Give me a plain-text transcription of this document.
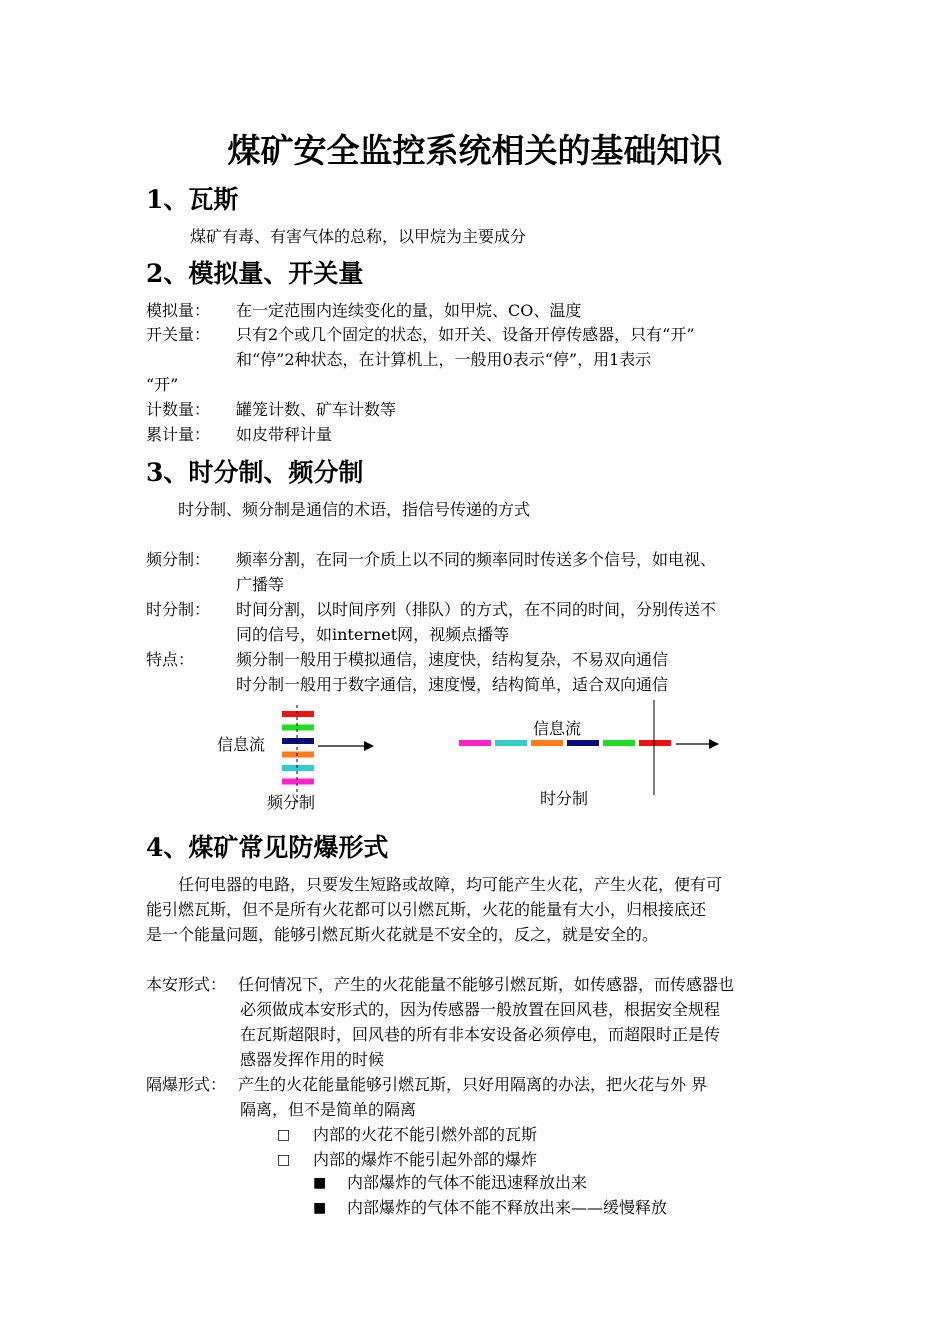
煤矿安全监控系统相关的基础知识
1、瓦斯

煤矿有毒、有害气体的总称，以甲烷为主要成分

2、模拟量、开关量
模拟量： 在一定范围内连续变化的量，如甲烷、CO、温度
开关量： 只有2个或几个固定的状态，如开关、设备开停传感器，只有“开”
和“停”2种状态，在计算机上，一般用0表示“停”，用1表示
“开”
计数量： 罐笼计数、矿车计数等
累计量： 如皮带秤计量
3、时分制、频分制

时分制、频分制是通信的术语，指信号传递的方式

频分制： 频率分割，在同一介质上以不同的频率同时传送多个信号，如电视、
广播等
时分制： 时间分割，以时间序列（排队）的方式，在不同的时间，分别传送不
同的信号，如internet网，视频点播等
特点：	频分制一般用于模拟通信，速度快，结构复杂，不易双向通信
时分制一般用于数字通信，速度慢，结构简单，适合双向通信
信息流
频分制
信息流
时分制
4、煤矿常见防爆形式

任何电器的电路，只要发生短路或故障，均可能产生火花，产生火花，便有可

能引燃瓦斯，但不是所有火花都可以引燃瓦斯，火花的能量有大小，归根接底还

是一个能量问题，能够引燃瓦斯火花就是不安全的，反之，就是安全的。

本安形式： 任何情况下，产生的火花能量不能够引燃瓦斯，如传感器，而传感器也
必须做成本安形式的，因为传感器一般放置在回风巷，根据安全规程
在瓦斯超限时，回风巷的所有非本安设备必须停电，而超限时正是传
感器发挥作用的时候
隔爆形式： 产生的火花能量能够引燃瓦斯，只好用隔离的办法，把火花与外 界
隔离，但不是简单的隔离
□ 内部的火花不能引燃外部的瓦斯
□ 内部的爆炸不能引起外部的爆炸
■ 内部爆炸的气体不能迅速释放出来
■ 内部爆炸的气体不能不释放出来——缓慢释放
